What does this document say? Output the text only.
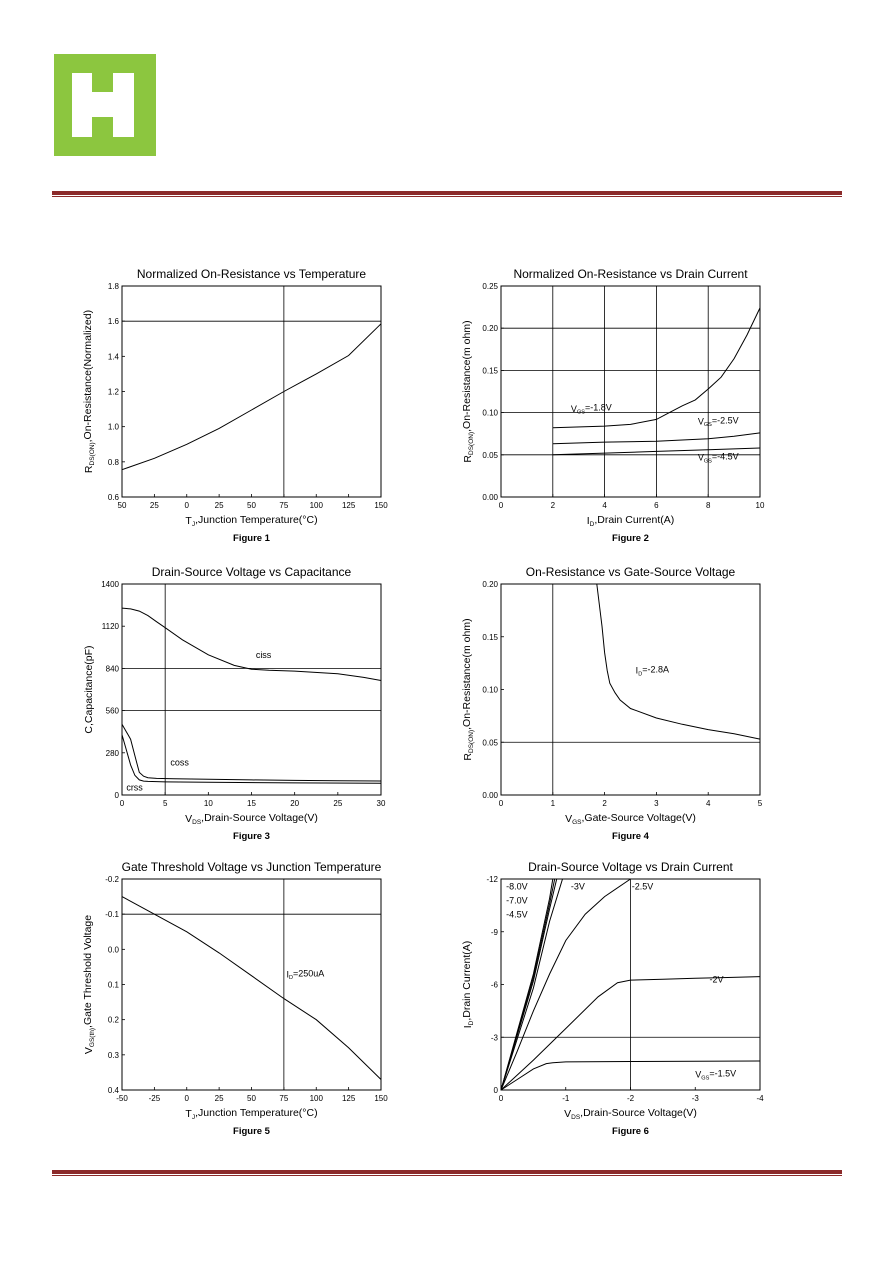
50	25	0	25	50	75	100 125 150
0.6
0.8
1.0
1.2
1.4
1.6
1.8
Normalized On-Resistance vs Temperature
TJ,Junction Temperature(°C)
RDS(ON),On-Resistance(Normalized)
Figure 1
0	2	4	6	8	10
0.00
0.05
0.10
0.15
0.20
0.25
VGS=-1.8V
VGS=-2.5V
VGS=-4.5V
Normalized On-Resistance vs Drain Current
ID,Drain Current(A)
RDS(ON),On-Resistance(m ohm)
Figure 2
0	5	10	15	20	25	30
0
280
560
840
1120
1400
ciss
coss
crss
Drain-Source Voltage vs Capacitance
VDS,Drain-Source Voltage(V)
C,Capacitance(pF)
Figure 3
0	1	2	3	4	5
0.00
0.05
0.10
0.15
0.20
ID=-2.8A
On-Resistance vs Gate-Source Voltage
VGS,Gate-Source Voltage(V)
RDS(ON),On-Resistance(m ohm)
Figure 4
-50	-25	0	25	50	75	100 125 150
-0.2
-0.1
0.0
0.1
0.2
0.3
0.4
ID=250uA
Gate Threshold Voltage vs Junction Temperature
TJ,Junction Temperature(°C)
VGS(th),Gate Threshold Voltage
Figure 5
0	-1	-2	-3	-4
0
-3
-6
-9
-12
-8.0V
-7.0V
-4.5V
-3V	-2.5V
-2V
VGS=-1.5V
Drain-Source Voltage vs Drain Current
VDS,Drain-Source Voltage(V)
ID,Drain Current(A)
Figure 6
